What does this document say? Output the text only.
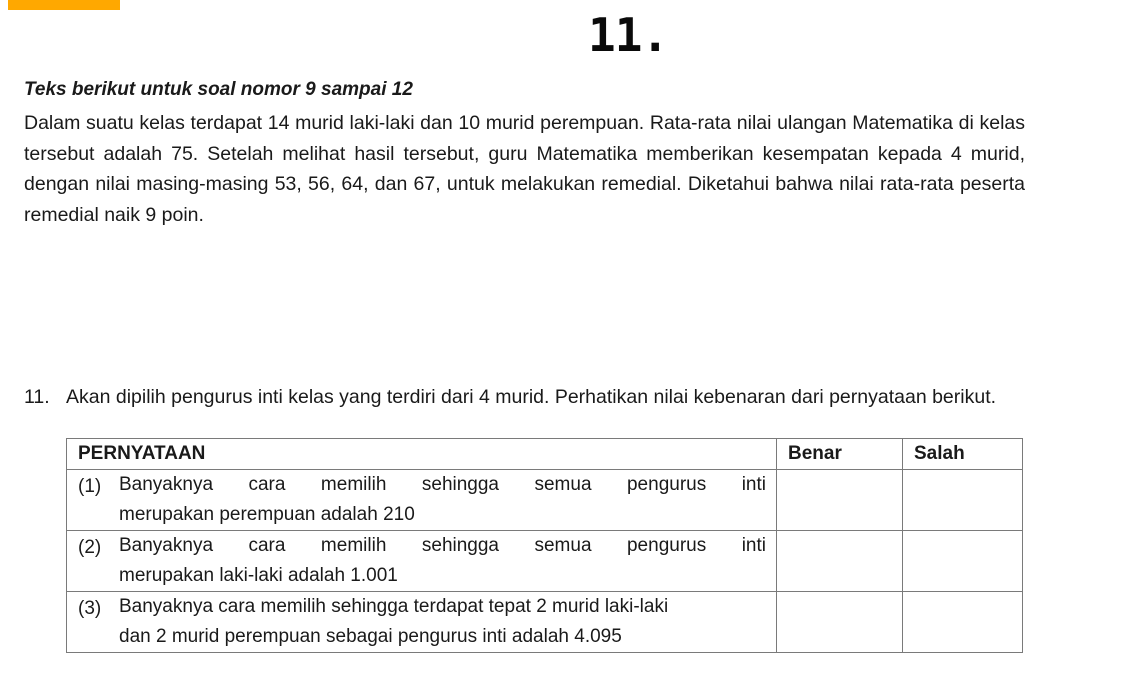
11.
Teks berikut untuk soal nomor 9 sampai 12
Dalam suatu kelas terdapat 14 murid laki-laki dan 10 murid perempuan. Rata-rata nilai ulangan Matematika di kelas tersebut adalah 75. Setelah melihat hasil tersebut, guru Matematika memberikan kesempatan kepada 4 murid, dengan nilai masing-masing 53, 56, 64, dan 67, untuk melakukan remedial. Diketahui bahwa nilai rata-rata peserta remedial naik 9 poin.
11. Akan dipilih pengurus inti kelas yang terdiri dari 4 murid. Perhatikan nilai kebenaran dari pernyataan berikut.
PERNYATAAN	Benar	Salah

(1) Banyaknya cara memilih sehingga semua pengurus inti
merupakan perempuan adalah 210		

(2) Banyaknya cara memilih sehingga semua pengurus inti
merupakan laki-laki adalah 1.001		

(3) Banyaknya cara memilih sehingga terdapat tepat 2 murid laki-laki
dan 2 murid perempuan sebagai pengurus inti adalah 4.095		
